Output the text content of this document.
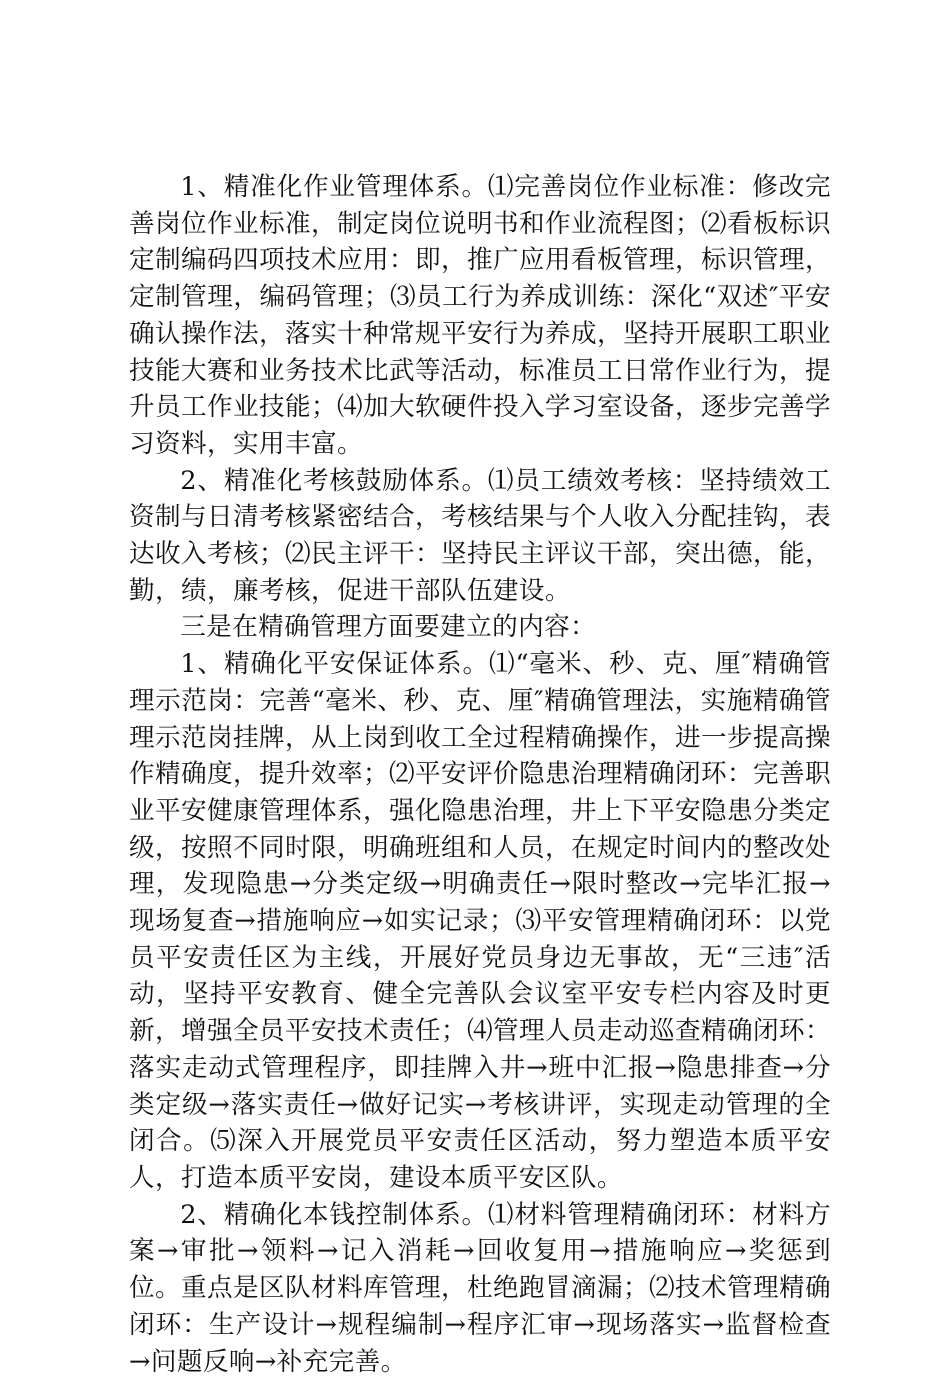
1、精准化作业管理体系。⑴完善岗位作业标准：修改完善岗位作业标准，制定岗位说明书和作业流程图；⑵看板标识定制编码四项技术应用：即，推广应用看板管理，标识管理，定制管理，编码管理；⑶员工行为养成训练：深化“双述″平安确认操作法，落实十种常规平安行为养成，坚持开展职工职业技能大赛和业务技术比武等活动，标准员工日常作业行为，提升员工作业技能；⑷加大软硬件投入学习室设备，逐步完善学习资料，实用丰富。

2、精准化考核鼓励体系。⑴员工绩效考核：坚持绩效工资制与日清考核紧密结合，考核结果与个人收入分配挂钩，表达收入考核；⑵民主评干：坚持民主评议干部，突出德，能，勤，绩，廉考核，促进干部队伍建设。

三是在精确管理方面要建立的内容：

1、精确化平安保证体系。⑴“毫米、秒、克、厘″精确管理示范岗：完善“毫米、秒、克、厘″精确管理法，实施精确管理示范岗挂牌，从上岗到收工全过程精确操作，进一步提高操作精确度，提升效率；⑵平安评价隐患治理精确闭环：完善职业平安健康管理体系，强化隐患治理，井上下平安隐患分类定级，按照不同时限，明确班组和人员，在规定时间内的整改处理，发现隐患→分类定级→明确责任→限时整改→完毕汇报→现场复查→措施响应→如实记录；⑶平安管理精确闭环：以党员平安责任区为主线，开展好党员身边无事故，无“三违″活动，坚持平安教育、健全完善队会议室平安专栏内容及时更新，增强全员平安技术责任；⑷管理人员走动巡查精确闭环：落实走动式管理程序，即挂牌入井→班中汇报→隐患排查→分类定级→落实责任→做好记实→考核讲评，实现走动管理的全闭合。⑸深入开展党员平安责任区活动，努力塑造本质平安人，打造本质平安岗，建设本质平安区队。

2、精确化本钱控制体系。⑴材料管理精确闭环：材料方案→审批→领料→记入消耗→回收复用→措施响应→奖惩到位。重点是区队材料库管理，杜绝跑冒滴漏；⑵技术管理精确闭环：生产设计→规程编制→程序汇审→现场落实→监督检查→问题反响→补充完善。
